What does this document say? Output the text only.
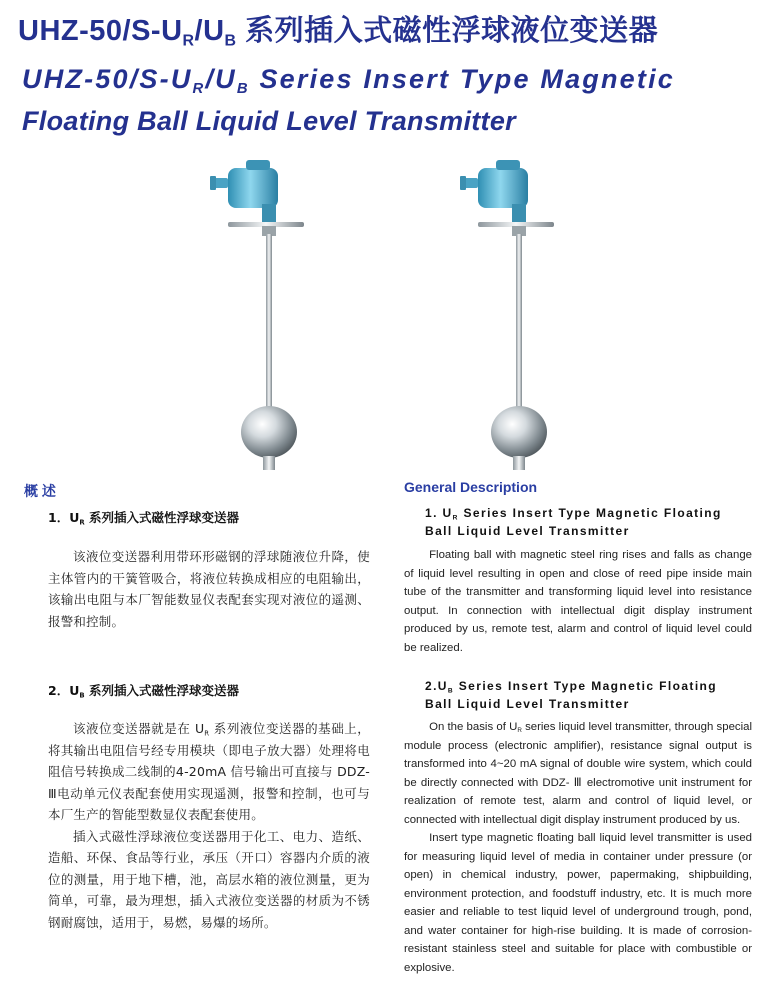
UHZ-$50/S-U_R/U_B$ 系列插入式磁性浮球液位变送器
UHZ-$50/S-U_R/U_B$ Series Insert Type Magnetic
Floating Ball Liquid Level Transmitter
概 述
1．$U_R$ 系列插入式磁性浮球变送器

该液位变送器利用带环形磁钢的浮球随液位升降，使主体管内的干簧管吸合，将液位转换成相应的电阻输出，该输出电阻与本厂智能数显仪表配套实现对液位的遥测、报警和控制。

2．$U_B$ 系列插入式磁性浮球变送器

该液位变送器就是在 $U_R$ 系列液位变送器的基础上，将其输出电阻信号经专用模块（即电子放大器）处理将电阻信号转换成二线制的4-20mA 信号输出可直接与 DDZ-Ⅲ电动单元仪表配套使用实现遥测，报警和控制，也可与本厂生产的智能型数显仪表配套使用。

插入式磁性浮球液位变送器用于化工、电力、造纸、造船、环保、食品等行业，承压（开口）容器内介质的液位的测量，用于地下槽，池，高层水箱的液位测量，更为简单，可靠，最为理想，插入式液位变送器的材质为不锈钢耐腐蚀，适用于，易燃，易爆的场所。

General Description
1. $U_R$ Series Insert Type Magnetic Floating
Ball Liquid Level Transmitter

Floating ball with magnetic steel ring rises and falls as change of liquid level resulting in open and close of reed pipe inside main tube of the transmitter and transforming liquid level into resistance output. In connection with intellectual digit display instrument produced by us, remote test, alarm and control of liquid level could be realized.

$2.U_B$ Series Insert Type Magnetic Floating
Ball Liquid Level Transmitter

On the basis of $U_R$ series liquid level transmitter, through special module process (electronic amplifier), resistance signal output is transformed into 4~20 mA signal of double wire system, which could be directly connected with DDZ- Ⅲ electromotive unit instrument for realization of remote test, alarm and control of liquid level, or connected with intellectual digit display instrument produced by us.

Insert type magnetic floating ball liquid level transmitter is used for measuring liquid level of media in container under pressure (or open) in chemical industry, power, papermaking, shipbuilding, environment protection, and foodstuff industry, etc. It is much more easier and reliable to test liquid level of underground trough, pond, and water container for high-rise building. It is made of corrosion-resistant stainless steel and suitable for place with combustible or explosive.
